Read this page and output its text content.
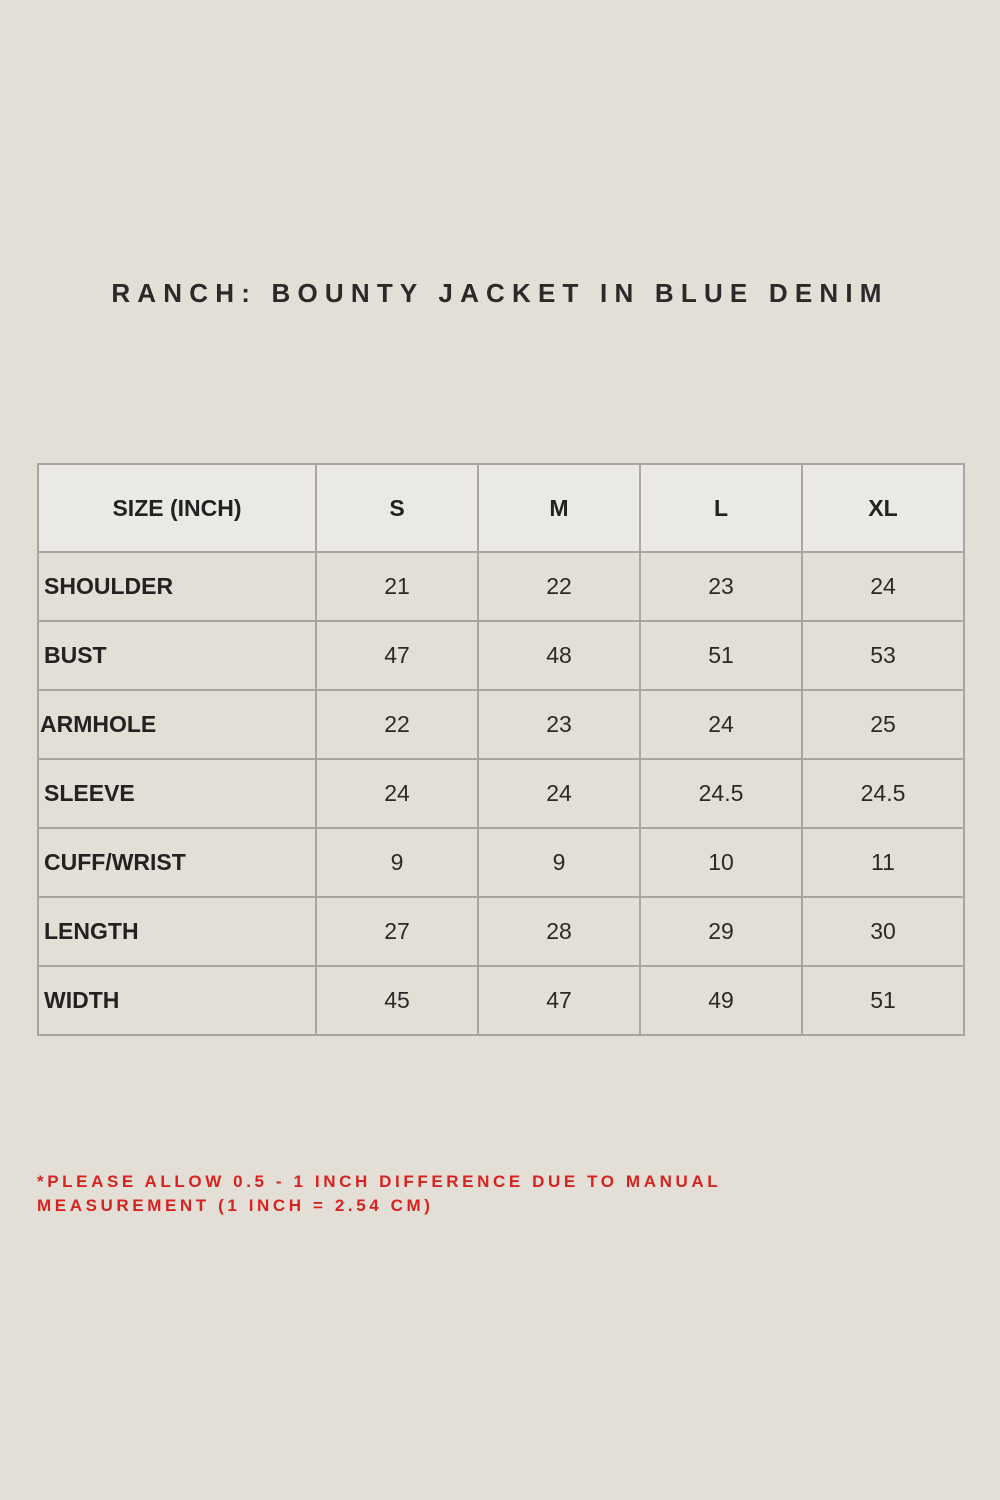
RANCH: BOUNTY JACKET IN BLUE DENIM
SIZE (INCH)	S	M	L	XL
SHOULDER	21	22	23	24
BUST	47	48	51	53
ARMHOLE	22	23	24	25
SLEEVE	24	24	24.5	24.5
CUFF/WRIST	9	9	10	11
LENGTH	27	28	29	30
WIDTH	45	47	49	51
*PLEASE ALLOW 0.5 - 1 INCH DIFFERENCE DUE TO MANUAL
MEASUREMENT (1 INCH = 2.54 CM)
